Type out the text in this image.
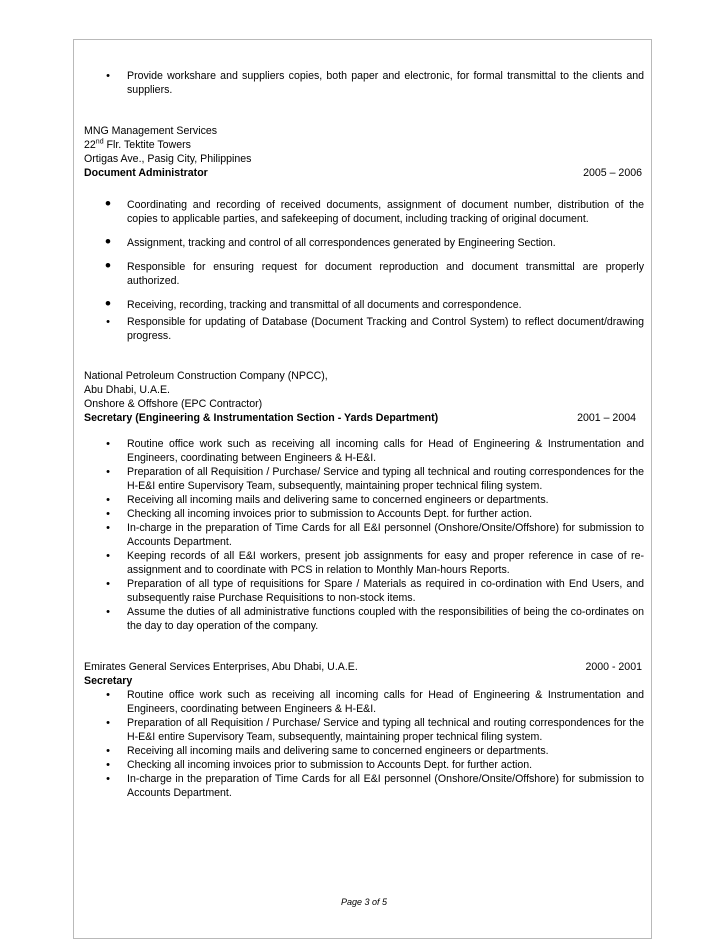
•	Provide workshare and suppliers copies, both paper and electronic, for formal transmittal to the clients and suppliers.
MNG Management Services
22nd Flr. Tektite Towers
Ortigas Ave., Pasig City, Philippines
Document Administrator	2005 – 2006
• Coordinating and recording of received documents, assignment of document number, distribution of the copies to applicable parties, and safekeeping of document, including tracking of original document.
• Assignment, tracking and control of all correspondences generated by Engineering Section.
• Responsible for ensuring request for document reproduction and document transmittal are properly authorized.
• Receiving, recording, tracking and transmittal of all documents and correspondence.
•	Responsible for updating of Database (Document Tracking and Control System) to reflect document/drawing progress.
National Petroleum Construction Company (NPCC),
Abu Dhabi, U.A.E.
Onshore & Offshore (EPC Contractor)
Secretary (Engineering & Instrumentation Section - Yards Department)	2001 – 2004
•	Routine office work such as receiving all incoming calls for Head of Engineering & Instrumentation and Engineers, coordinating between Engineers & H-E&I.
•	Preparation of all Requisition / Purchase/ Service and typing all technical and routing correspondences for the H-E&I entire Supervisory Team, subsequently, maintaining proper technical filing system.
•	Receiving all incoming mails and delivering same to concerned engineers or departments.
•	Checking all incoming invoices prior to submission to Accounts Dept. for further action.
•	In-charge in the preparation of Time Cards for all E&I personnel (Onshore/Onsite/Offshore) for submission to Accounts Department.
•	Keeping records of all E&I workers, present job assignments for easy and proper reference in case of re-assignment and to coordinate with PCS in relation to Monthly Man-hours Reports.
•	Preparation of all type of requisitions for Spare / Materials as required in co-ordination with End Users, and subsequently raise Purchase Requisitions to non-stock items.
•	Assume the duties of all administrative functions coupled with the responsibilities of being the co-ordinates on the day to day operation of the company.
Emirates General Services Enterprises, Abu Dhabi, U.A.E.	2000 - 2001
Secretary
•	Routine office work such as receiving all incoming calls for Head of Engineering & Instrumentation and Engineers, coordinating between Engineers & H-E&I.
•	Preparation of all Requisition / Purchase/ Service and typing all technical and routing correspondences for the H-E&I entire Supervisory Team, subsequently, maintaining proper technical filing system.
•	Receiving all incoming mails and delivering same to concerned engineers or departments.
•	Checking all incoming invoices prior to submission to Accounts Dept. for further action.
•	In-charge in the preparation of Time Cards for all E&I personnel (Onshore/Onsite/Offshore) for submission to Accounts Department.
Page 3 of 5
